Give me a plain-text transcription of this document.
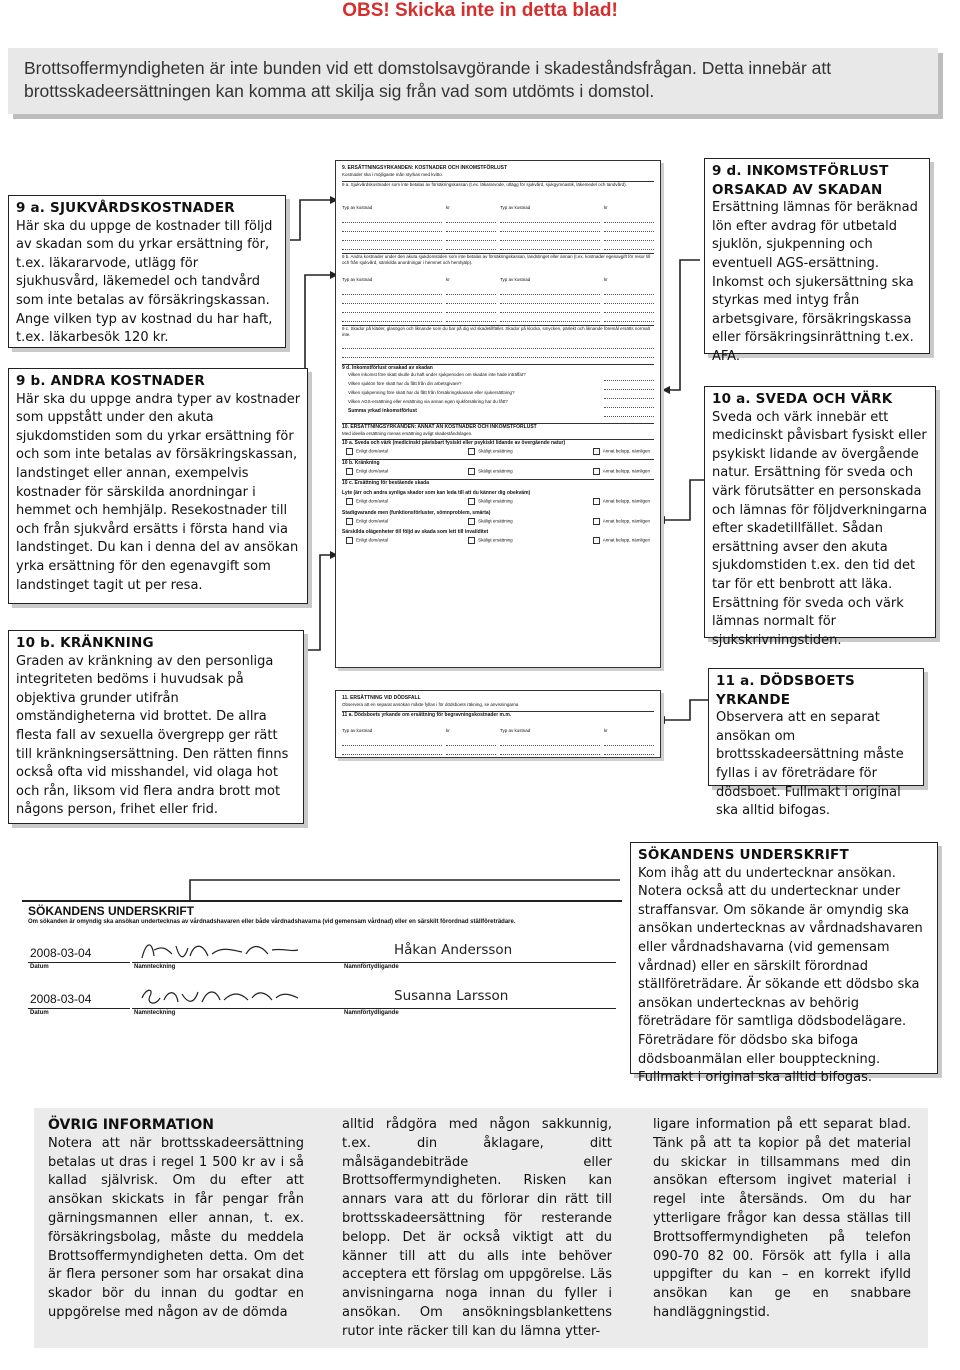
OBS! Skicka inte in detta blad!
Brottsoffermyndigheten är inte bunden vid ett domstolsavgörande i skadeståndsfrågan. Detta innebär att brottsskadeersättningen kan komma att skilja sig från vad som utdömts i domstol.
9 a. SJUKVÅRDSKOSTNADER

Här ska du uppge de kostnader till följd av skadan som du yrkar ersättning för, t.ex. läkararvode, utlägg för sjukhusvård, läkemedel och tandvård som inte betalas av försäkringskassan. Ange vilken typ av kostnad du har haft, t.ex. läkarbesök 120 kr.

9 b. ANDRA KOSTNADER

Här ska du uppge andra typer av kostnader som uppstått under den akuta sjukdomstiden som du yrkar ersättning för och som inte betalas av försäkringskassan, landstinget eller annan, exempelvis kostnader för särskilda anordningar i hemmet och hemhjälp. Resekostnader till och från sjukvård ersätts i första hand via landstinget. Du kan i denna del av ansökan yrka ersättning för den egenavgift som landstinget tagit ut per resa.

10 b. KRÄNKNING

Graden av kränkning av den personliga integriteten bedöms i huvudsak på objektiva grunder utifrån omständigheterna vid brottet. De allra flesta fall av sexuella övergrepp ger rätt till kränkningsersättning. Den rätten finns också ofta vid misshandel, vid olaga hot och rån, liksom vid flera andra brott mot någons person, frihet eller frid.

9 d. INKOMSTFÖRLUST ORSAKAD AV SKADAN

Ersättning lämnas för beräknad lön efter avdrag för utbetald sjuklön, sjukpenning och eventuell AGS-ersättning. Inkomst och sjukersättning ska styrkas med intyg från arbetsgivare, försäkringskassa eller försäkringsinrättning t.ex. AFA.

10 a. SVEDA OCH VÄRK

Sveda och värk innebär ett medicinskt påvisbart fysiskt eller psykiskt lidande av övergående natur. Ersättning för sveda och värk förutsätter en personskada och lämnas för följdverkningarna efter skadetillfället. Sådan ersättning avser den akuta sjukdomstiden t.ex. den tid det tar för ett benbrott att läka. Ersättning för sveda och värk lämnas normalt för sjukskrivningstiden.

11 a. DÖDSBOETS YRKANDE

Observera att en separat ansökan om brottsskadeersättning måste fyllas i av företrädare för dödsboet. Fullmakt i original ska alltid bifogas.

SÖKANDENS UNDERSKRIFT

Kom ihåg att du undertecknar ansökan. Notera också att du undertecknar under straffansvar. Om sökande är omyndig ska ansökan undertecknas av vårdnadshavaren eller vårdnadshavarna (vid gemensam vårdnad) eller en särskilt förordnad ställföreträdare. Är sökande ett dödsbo ska ansökan undertecknas av behörig företrädare för samtliga dödsbodelägare. Företrädare för dödsbo ska bifoga dödsboanmälan eller bouppteckning. Fullmakt i original ska alltid bifogas.

9. ERSÄTTNINGSYRKANDEN: KOSTNADER OCH INKOMSTFÖRLUST
Kostnader ska i möjligaste mån styrkas med kvitto.
9 a. Sjukvårdskostnader som inte betalas av försäkringskassan (t.ex. läkararvode, utlägg för sjukvård, sjukgymnastik, läkemedel och tandvård).
Typ av kostnad	kr	Typ av kostnad	kr
9 b. Andra kostnader under den akuta sjukdomstiden som inte betalas av försäkringskassan, landstinget eller annan (t.ex. kostnader egenavgift för resor till och från sjukvård, särskilda anordningar i hemmet och hemhjälp).
Typ av kostnad	kr	Typ av kostnad	kr
9 c. Skador på kläder, glasögon och liknande som du bar på dig vid skadetillfället. Skador på klocka, smycken, pärlekt och liknande föremål ersätts normalt inte.
9 d. Inkomstförlust orsakad av skadan
Vilken inkomst före skatt skulle du haft under sjukperioden om skadan inte hade inträffat?
Vilken sjuklön före skatt har du fått från din arbetsgivare?
Vilken sjukpenning före skatt har du fått från försäkringskassan eller sjukersättning?
Vilken AGS-ersättning eller ersättning via annan egen sjukförsäkring har du fått?
Summa yrkad inkomstförlust
10. ERSÄTTNINGSYRKANDEN: ANNAT ÄN KOSTNADER OCH INKOMSTFÖRLUST
Med ideella ersättning menas ersättning avligt skadeståndslagen.
10 a. Sveda och värk (medicinskt påvisbart fysiskt eller psykiskt lidande av övergående natur)
Enligt dom/avtal	Skäligt ersättning	Annat belopp, nämligen
10 b. Kränkning
Enligt dom/avtal	Skäligt ersättning	Annat belopp, nämligen
10 c. Ersättning för bestående skada
Lyte (ärr och andra synliga skador som kan leda till att du känner dig obekväm)
Enligt dom/avtal	Skäligt ersättning	Annat belopp, nämligen
Stadigvarande men (funktionsförluster, sömnproblem, smärta)
Enligt dom/avtal	Skäligt ersättning	Annat belopp, nämligen
Särskilda olägenheter till följd av skada som lett till invaliditet
Enligt dom/avtal	Skäligt ersättning	Annat belopp, nämligen
11. ERSÄTTNING VID DÖDSFALL
Observera att en separat ansökan måste fyllas i för dödsboets räkning, se anvisningarna
11 a. Dödsboets yrkande om ersättning för begravningskostnader m.m.
Typ av kostnad	kr	Typ av kostnad	kr
SÖKANDENS UNDERSKRIFT
Om sökanden är omyndig ska ansökan undertecknas av vårdnadshavaren eller både vårdnadshavarna (vid gemensam vårdnad) eller en särskilt förordnad ställföreträdare.
2008-03-04
Datum	Namnteckning
Håkan Andersson
Namnförtydligande
2008-03-04
Datum	Namnteckning
Susanna Larsson
Namnförtydligande
ÖVRIG INFORMATION

Notera att när brottsskadeersättning betalas ut dras i regel 1 500 kr av i så kallad självrisk. Om du efter att ansökan skickats in får pengar från gärningsmannen eller annan, t. ex. försäkringsbolag, måste du meddela Brottsoffermyndigheten detta. Om det är flera personer som har orsakat dina skador bör du innan du godtar en uppgörelse med någon av de dömda

alltid rådgöra med någon sakkunnig, t.ex. din åklagare, ditt målsägandebiträde eller Brottsoffermyndigheten. Risken kan annars vara att du förlorar din rätt till brottsskadeersättning för resterande belopp. Det är också viktigt att du känner till att du alls inte behöver acceptera ett förslag om uppgörelse. Läs anvisningarna noga innan du fyller i ansökan. Om ansökningsblankettens rutor inte räcker till kan du lämna ytter-

ligare information på ett separat blad. Tänk på att ta kopior på det material du skickar in tillsammans med din ansökan eftersom ingivet material i regel inte återsänds. Om du har ytterligare frågor kan dessa ställas till Brottsoffermyndigheten på telefon 090-70 82 00. Försök att fylla i alla uppgifter du kan – en korrekt ifylld ansökan kan ge en snabbare handläggningstid.
